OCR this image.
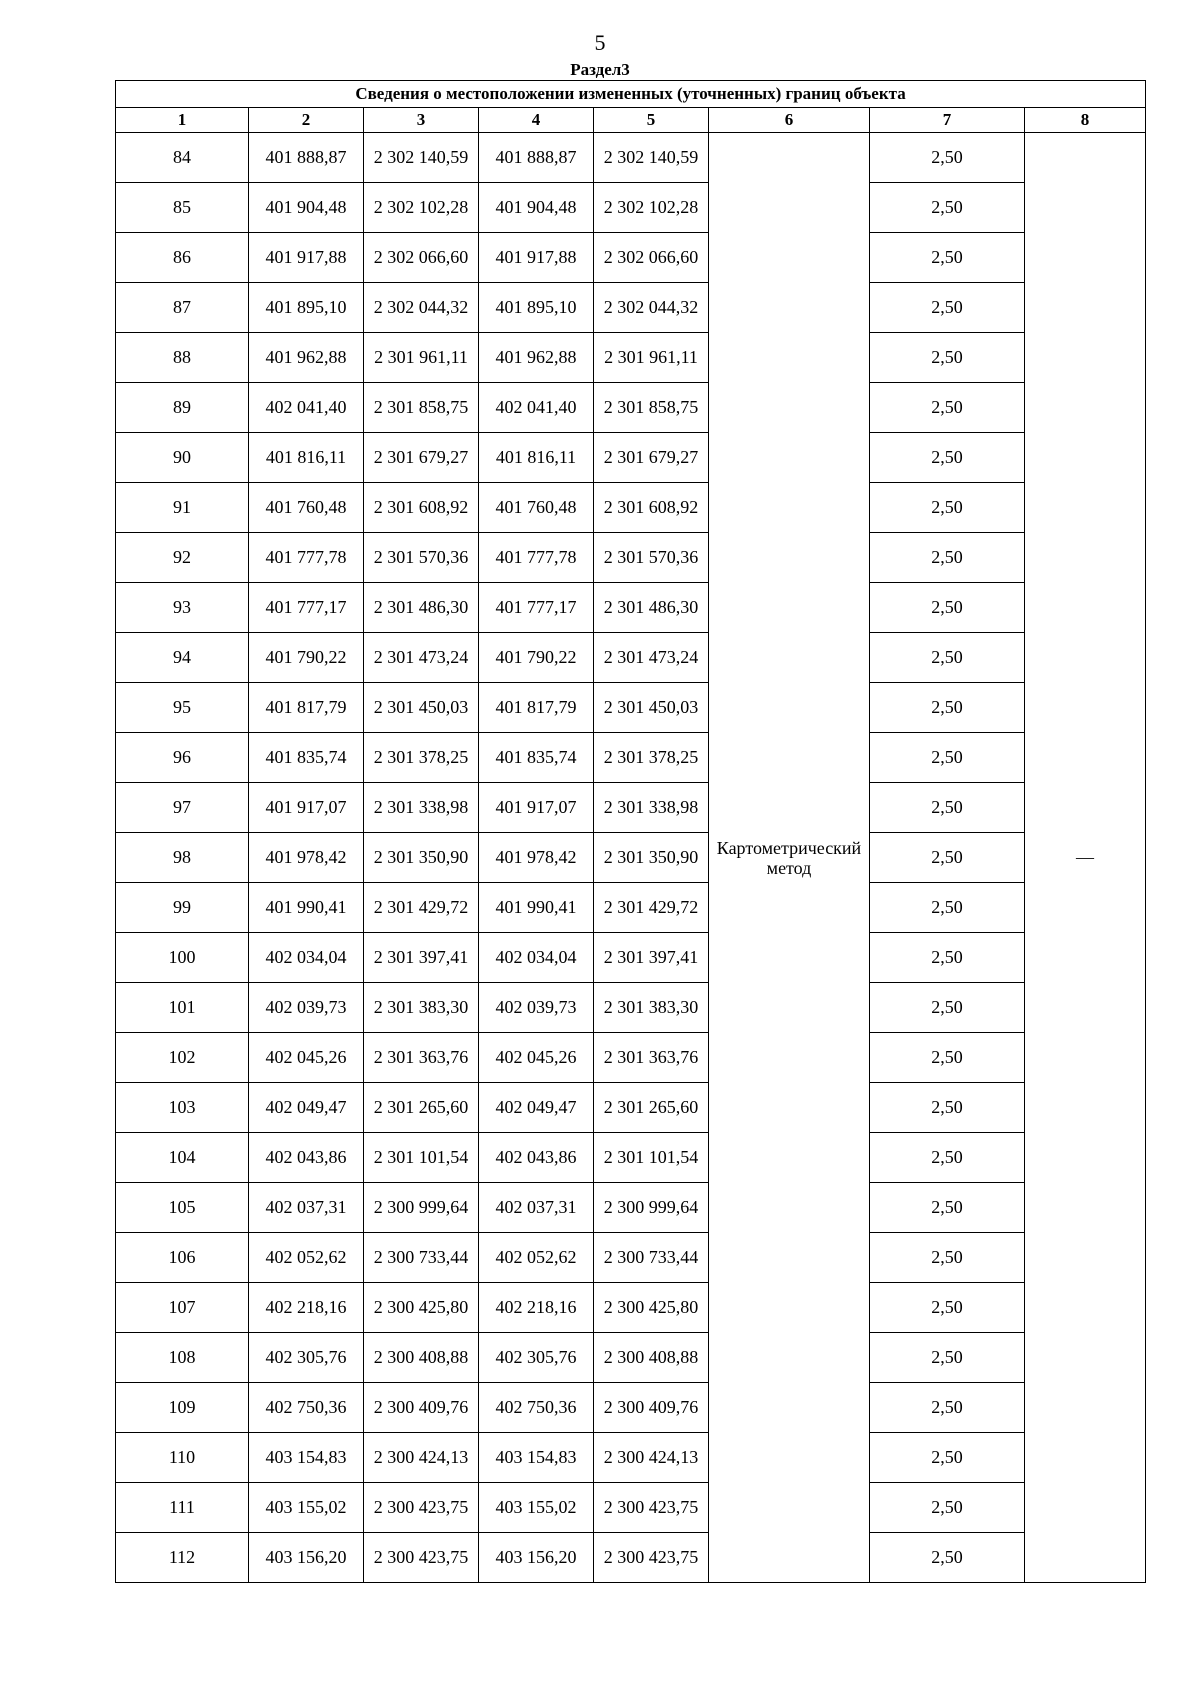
5
Раздел3
Сведения о местоположении измененных (уточненных) границ объекта							
1	2	3	4	5	6	7	8
84	401 888,87	2 302 140,59	401 888,87	2 302 140,59	Картометрический метод	2,50	—
85	401 904,48	2 302 102,28	401 904,48	2 302 102,28		2,50	
86	401 917,88	2 302 066,60	401 917,88	2 302 066,60		2,50	
87	401 895,10	2 302 044,32	401 895,10	2 302 044,32		2,50	
88	401 962,88	2 301 961,11	401 962,88	2 301 961,11		2,50	
89	402 041,40	2 301 858,75	402 041,40	2 301 858,75		2,50	
90	401 816,11	2 301 679,27	401 816,11	2 301 679,27		2,50	
91	401 760,48	2 301 608,92	401 760,48	2 301 608,92		2,50	
92	401 777,78	2 301 570,36	401 777,78	2 301 570,36		2,50	
93	401 777,17	2 301 486,30	401 777,17	2 301 486,30		2,50	
94	401 790,22	2 301 473,24	401 790,22	2 301 473,24		2,50	
95	401 817,79	2 301 450,03	401 817,79	2 301 450,03		2,50	
96	401 835,74	2 301 378,25	401 835,74	2 301 378,25		2,50	
97	401 917,07	2 301 338,98	401 917,07	2 301 338,98		2,50	
98	401 978,42	2 301 350,90	401 978,42	2 301 350,90		2,50	
99	401 990,41	2 301 429,72	401 990,41	2 301 429,72		2,50	
100	402 034,04	2 301 397,41	402 034,04	2 301 397,41		2,50	
101	402 039,73	2 301 383,30	402 039,73	2 301 383,30		2,50	
102	402 045,26	2 301 363,76	402 045,26	2 301 363,76		2,50	
103	402 049,47	2 301 265,60	402 049,47	2 301 265,60		2,50	
104	402 043,86	2 301 101,54	402 043,86	2 301 101,54		2,50	
105	402 037,31	2 300 999,64	402 037,31	2 300 999,64		2,50	
106	402 052,62	2 300 733,44	402 052,62	2 300 733,44		2,50	
107	402 218,16	2 300 425,80	402 218,16	2 300 425,80		2,50	
108	402 305,76	2 300 408,88	402 305,76	2 300 408,88		2,50	
109	402 750,36	2 300 409,76	402 750,36	2 300 409,76		2,50	
110	403 154,83	2 300 424,13	403 154,83	2 300 424,13		2,50	
111	403 155,02	2 300 423,75	403 155,02	2 300 423,75		2,50	
112	403 156,20	2 300 423,75	403 156,20	2 300 423,75		2,50	
